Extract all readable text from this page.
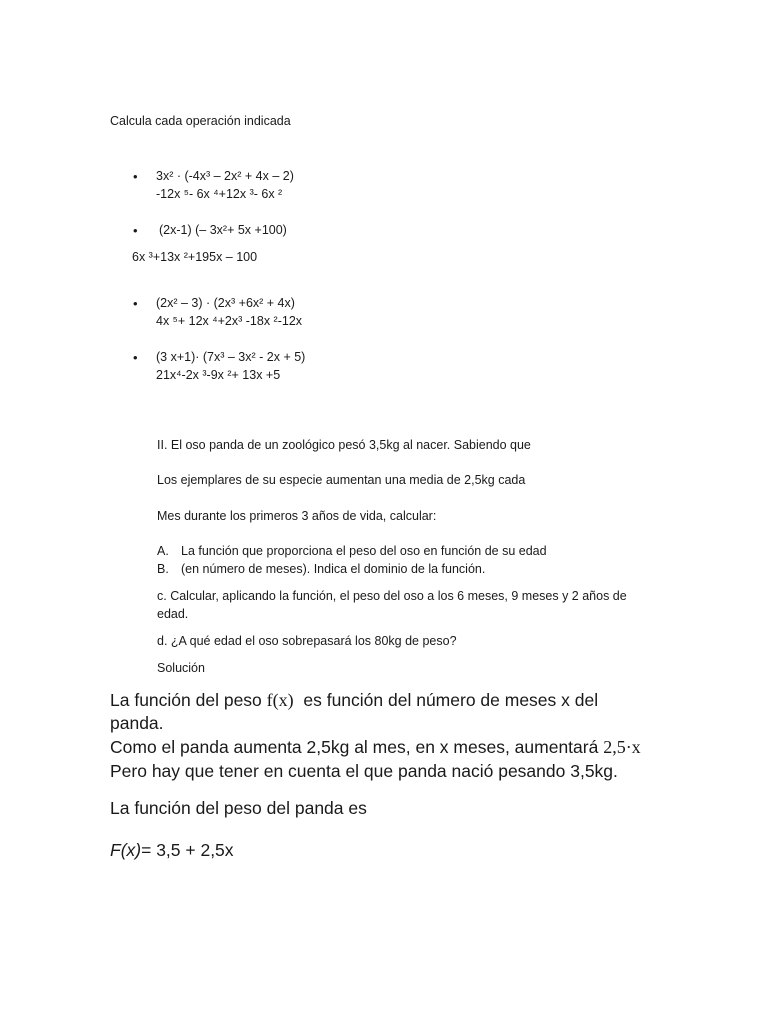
Calcula cada operación indicada
• 3x² · (-4x³ – 2x² + 4x – 2)
-12x ⁵- 6x ⁴+12x ³- 6x ²
• (2x-1) (– 3x²+ 5x +100)
6x ³+13x ²+195x – 100
• (2x² – 3) · (2x³ +6x² + 4x)
4x ⁵+ 12x ⁴+2x³ -18x ²-12x
• (3 x+1)· (7x³ – 3x² - 2x + 5)
21x⁴-2x ³-9x ²+ 13x +5
II. El oso panda de un zoológico pesó 3,5kg al nacer. Sabiendo que
Los ejemplares de su especie aumentan una media de 2,5kg cada
Mes durante los primeros 3 años de vida, calcular:
A. La función que proporciona el peso del oso en función de su edad
B. (en número de meses). Indica el dominio de la función.
c. Calcular, aplicando la función, el peso del oso a los 6 meses, 9 meses y 2 años de
edad.
d. ¿A qué edad el oso sobrepasará los 80kg de peso?
Solución
La función del peso f(x)  es función del número de meses x del
panda.
Como el panda aumenta 2,5kg al mes, en x meses, aumentará 2,5·x
Pero hay que tener en cuenta el que panda nació pesando 3,5kg.
La función del peso del panda es
F(x)= 3,5 + 2,5x
